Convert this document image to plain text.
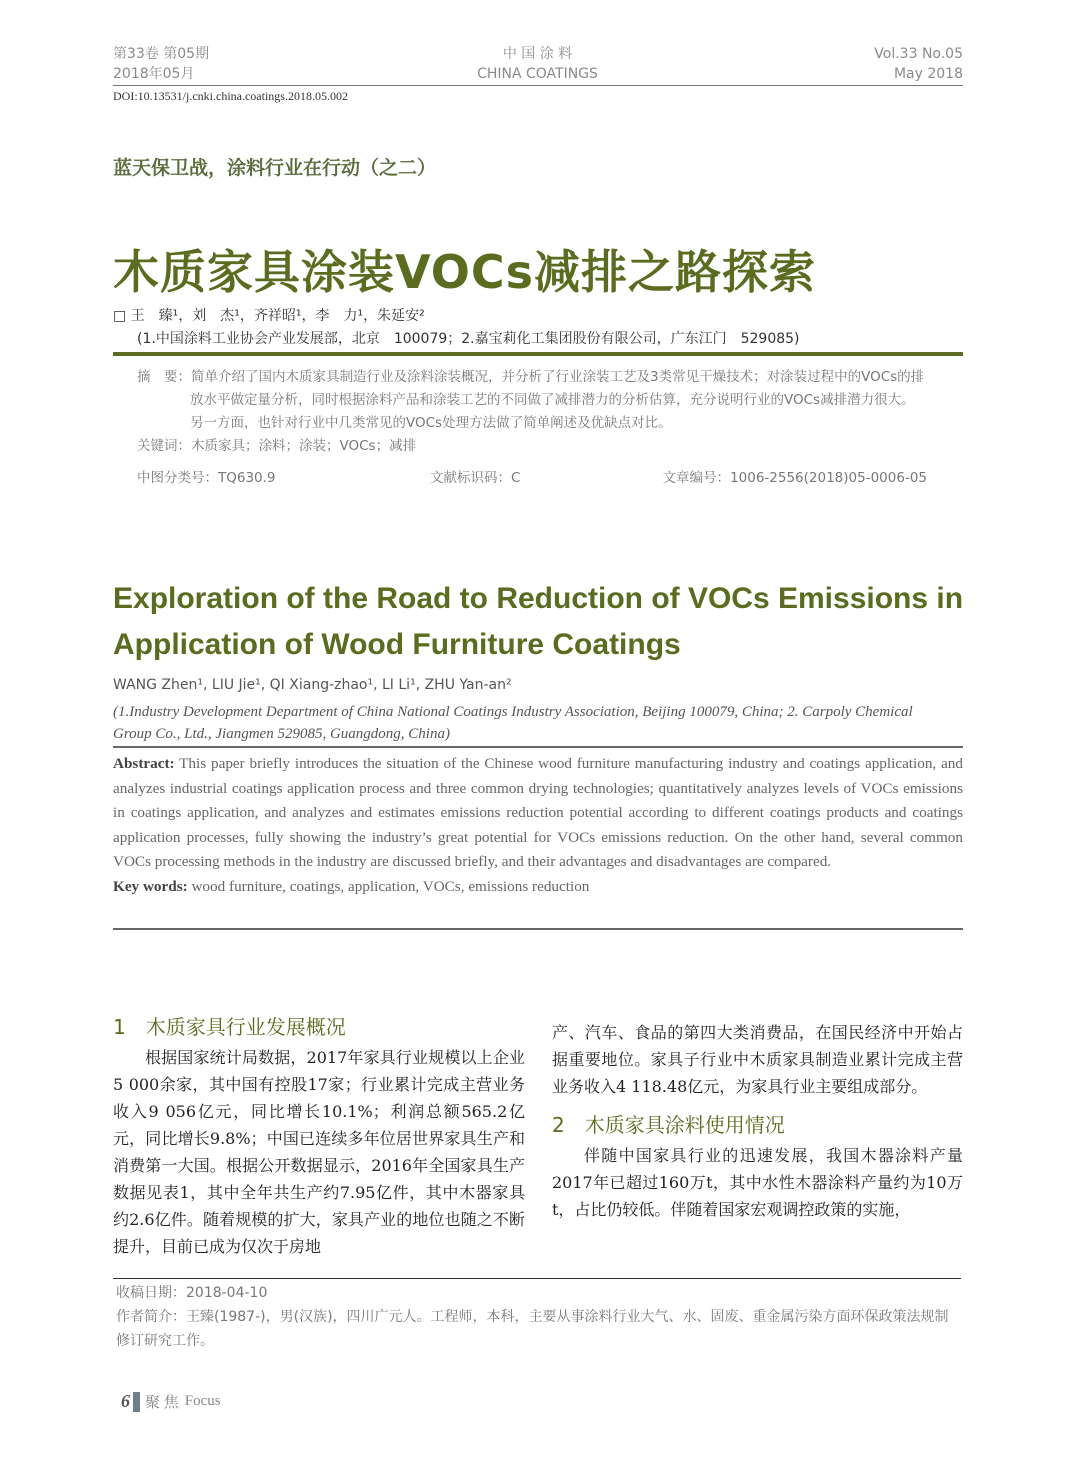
第33卷 第05期
2018年05月
中 国 涂 料
CHINA COATINGS
Vol.33 No.05
May 2018
DOI:10.13531/j.cnki.china.coatings.2018.05.002
蓝天保卫战，涂料行业在行动（之二）
木质家具涂装VOCs减排之路探索
□ 王　臻¹，刘　杰¹，齐祥昭¹，李　力¹，朱延安²
(1.中国涂料工业协会产业发展部，北京　100079；2.嘉宝莉化工集团股份有限公司，广东江门　529085)

摘　要：简单介绍了国内木质家具制造行业及涂料涂装概况，并分析了行业涂装工艺及3类常见干燥技术；对涂装过程中的VOCs的排放水平做定量分析，同时根据涂料产品和涂装工艺的不同做了减排潜力的分析估算，充分说明行业的VOCs减排潜力很大。另一方面，也针对行业中几类常见的VOCs处理方法做了简单阐述及优缺点对比。

关键词：木质家具；涂料；涂装；VOCs；减排

中图分类号：TQ630.9	文献标识码：C	文章编号：1006-2556(2018)05-0006-05
Exploration of the Road to Reduction of VOCs Emissions in
Application of Wood Furniture Coatings
WANG Zhen¹, LIU Jie¹, QI Xiang-zhao¹, LI Li¹, ZHU Yan-an²
(1.Industry Development Department of China National Coatings Industry Association, Beijing 100079, China; 2. Carpoly Chemical Group Co., Ltd., Jiangmen 529085, Guangdong, China)

Abstract: This paper briefly introduces the situation of the Chinese wood furniture manufacturing industry and coatings application, and analyzes industrial coatings application process and three common drying technologies; quantitatively analyzes levels of VOCs emissions in coatings application, and analyzes and estimates emissions reduction potential according to different coatings products and coatings application processes, fully showing the industry’s great potential for VOCs emissions reduction. On the other hand, several common VOCs processing methods in the industry are discussed briefly, and their advantages and disadvantages are compared.

Key words: wood furniture, coatings, application, VOCs, emissions reduction

1　木质家具行业发展概况

根据国家统计局数据，2017年家具行业规模以上企业5 000余家，其中国有控股17家；行业累计完成主营业务收入9 056亿元，同比增长10.1%；利润总额565.2亿元，同比增长9.8%；中国已连续多年位居世界家具生产和消费第一大国。根据公开数据显示，2016年全国家具生产数据见表1，其中全年共生产约7.95亿件，其中木器家具约2.6亿件。随着规模的扩大，家具产业的地位也随之不断提升，目前已成为仅次于房地

产、汽车、食品的第四大类消费品，在国民经济中开始占据重要地位。家具子行业中木质家具制造业累计完成主营业务收入4 118.48亿元，为家具行业主要组成部分。

2　木质家具涂料使用情况

伴随中国家具行业的迅速发展，我国木器涂料产量2017年已超过160万t，其中水性木器涂料产量约为10万t，占比仍较低。伴随着国家宏观调控政策的实施，

收稿日期：2018-04-10

作者简介：王臻(1987-)，男(汉族)，四川广元人。工程师，本科，主要从事涂料行业大气、水、固废、重金属污染方面环保政策法规制修订研究工作。

6 聚 焦 Focus
